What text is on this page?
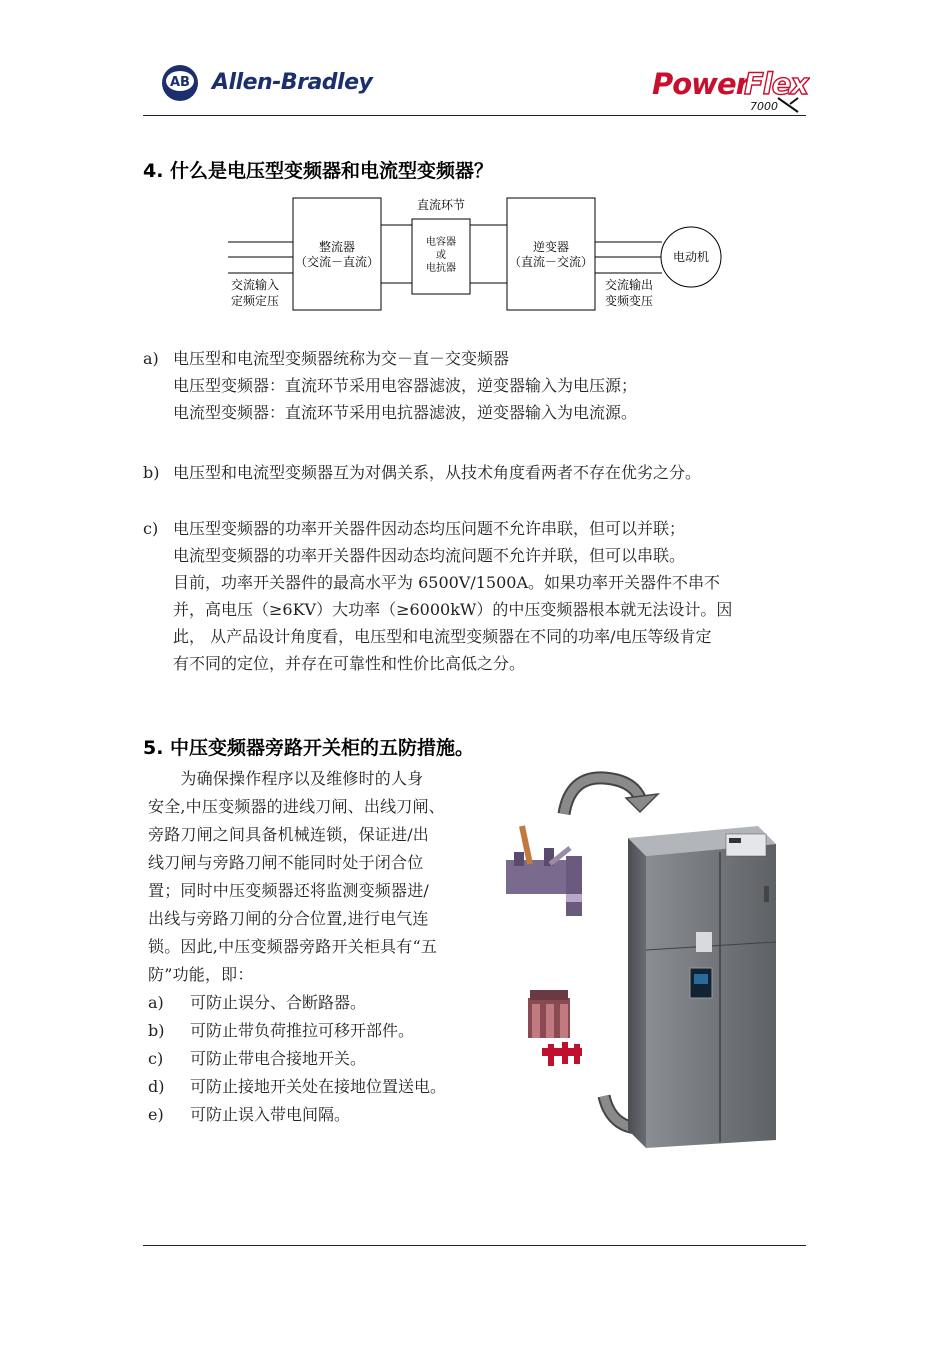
AB Allen-Bradley	Power
Flex
7000
4. 什么是电压型变频器和电流型变频器？
直流环节
整流器
（交流－直流）
电容器
或
电抗器
逆变器
（直流－交流）	电动机
交流输入
定频定压
交流输出
变频变压
a) 电压型和电流型变频器统称为交－直－交变频器
电压型变频器：直流环节采用电容器滤波，逆变器输入为电压源；
电流型变频器：直流环节采用电抗器滤波，逆变器输入为电流源。
b) 电压型和电流型变频器互为对偶关系，从技术角度看两者不存在优劣之分。
c) 电压型变频器的功率开关器件因动态均压问题不允许串联，但可以并联；
电流型变频器的功率开关器件因动态均流问题不允许并联，但可以串联。
目前，功率开关器件的最高水平为 6500V/1500A。如果功率开关器件不串不
并，高电压（≥6KV）大功率（≥6000kW）的中压变频器根本就无法设计。因
此， 从产品设计角度看，电压型和电流型变频器在不同的功率/电压等级肯定
有不同的定位，并存在可靠性和性价比高低之分。
5. 中压变频器旁路开关柜的五防措施。
　　为确保操作程序以及维修时的人身
安全,中压变频器的进线刀闸、出线刀闸、
旁路刀闸之间具备机械连锁，保证进/出
线刀闸与旁路刀闸不能同时处于闭合位
置；同时中压变频器还将监测变频器进/
出线与旁路刀闸的分合位置,进行电气连
锁。因此,中压变频器旁路开关柜具有“五
防”功能，即：
a) 可防止误分、合断路器。
b) 可防止带负荷推拉可移开部件。
c) 可防止带电合接地开关。
d) 可防止接地开关处在接地位置送电。
e) 可防止误入带电间隔。
